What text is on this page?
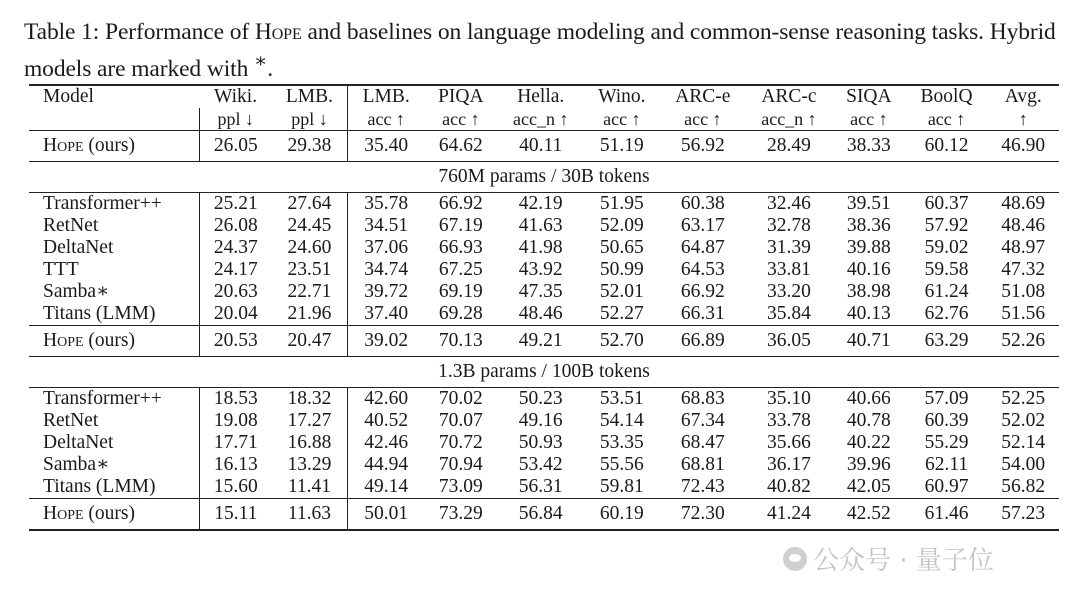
Table 1: Performance of Hope and baselines on language modeling and common-sense reasoning tasks. Hybrid models are marked with ∗.
Model	Wiki.	LMB.	LMB.	PIQA	Hella.	Wino.	ARC-e	ARC-c	SIQA	BoolQ	Avg.
	ppl ↓	ppl ↓	acc ↑	acc ↑	acc_n ↑	acc ↑	acc ↑	acc_n ↑	acc ↑	acc ↑	↑
Hope (ours)	26.05	29.38	35.40	64.62	40.11	51.19	56.92	28.49	38.33	60.12	46.90
760M params / 30B tokens											
Transformer++	25.21	27.64	35.78	66.92	42.19	51.95	60.38	32.46	39.51	60.37	48.69
RetNet	26.08	24.45	34.51	67.19	41.63	52.09	63.17	32.78	38.36	57.92	48.46
DeltaNet	24.37	24.60	37.06	66.93	41.98	50.65	64.87	31.39	39.88	59.02	48.97
TTT	24.17	23.51	34.74	67.25	43.92	50.99	64.53	33.81	40.16	59.58	47.32
Samba∗	20.63	22.71	39.72	69.19	47.35	52.01	66.92	33.20	38.98	61.24	51.08
Titans (LMM)	20.04	21.96	37.40	69.28	48.46	52.27	66.31	35.84	40.13	62.76	51.56
Hope (ours)	20.53	20.47	39.02	70.13	49.21	52.70	66.89	36.05	40.71	63.29	52.26
1.3B params / 100B tokens											
Transformer++	18.53	18.32	42.60	70.02	50.23	53.51	68.83	35.10	40.66	57.09	52.25
RetNet	19.08	17.27	40.52	70.07	49.16	54.14	67.34	33.78	40.78	60.39	52.02
DeltaNet	17.71	16.88	42.46	70.72	50.93	53.35	68.47	35.66	40.22	55.29	52.14
Samba∗	16.13	13.29	44.94	70.94	53.42	55.56	68.81	36.17	39.96	62.11	54.00
Titans (LMM)	15.60	11.41	49.14	73.09	56.31	59.81	72.43	40.82	42.05	60.97	56.82
Hope (ours)	15.11	11.63	50.01	73.29	56.84	60.19	72.30	41.24	42.52	61.46	57.23
公众号 · 量子位
